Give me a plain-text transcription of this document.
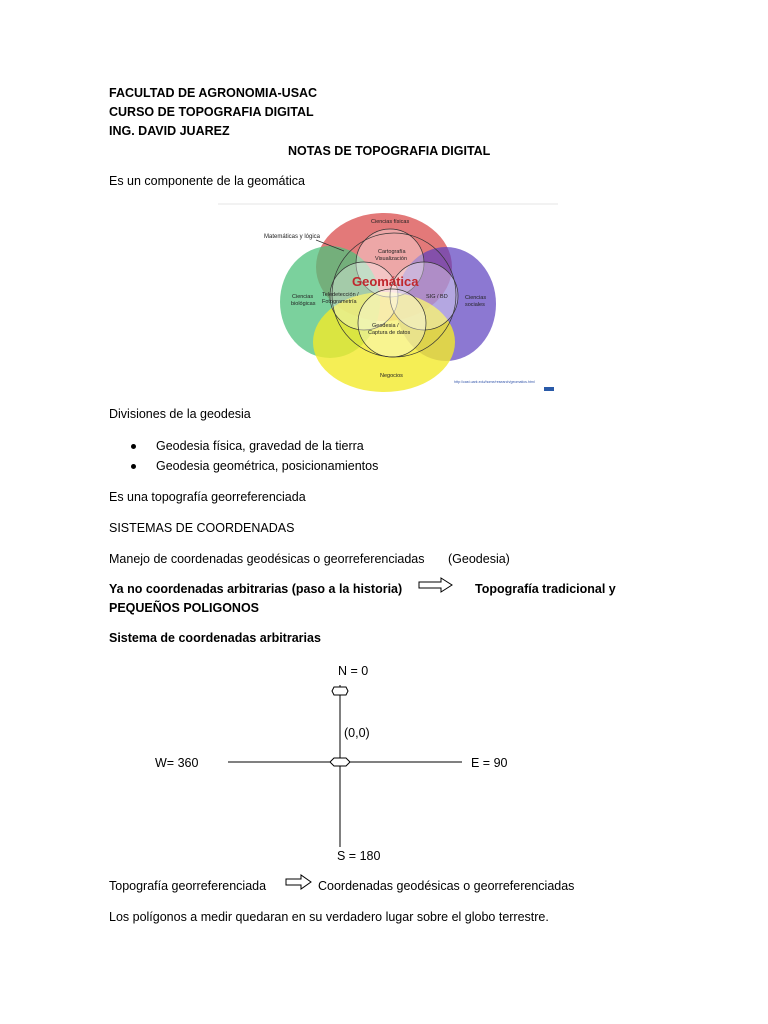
FACULTAD DE AGRONOMIA-USAC
CURSO DE TOPOGRAFIA DIGITAL
ING. DAVID JUAREZ
NOTAS DE TOPOGRAFIA DIGITAL
Es un componente de la geomática
Matemáticas y lógica
Ciencias físicas
Cartografía
Visualización
Geomática
Teledetección /
Fotogrametría
SIG / BD
Ciencias
biológicas
Ciencias
sociales
Geodesia /
Captura de datos
Negocios
http://cast.uark.edu/home/research/geomatics.html
Divisiones de la geodesia
Geodesia física, gravedad de la tierra
Geodesia geométrica, posicionamientos
Es una topografía georreferenciada
SISTEMAS DE COORDENADAS
Manejo de coordenadas geodésicas o georreferenciadas (Geodesia)
Ya no coordenadas arbitrarias (paso a la historia)	Topografía tradicional y
PEQUEÑOS POLIGONOS
Sistema de coordenadas arbitrarias
N = 0
(0,0)
W= 360	E = 90
S = 180
Topografía georreferenciada	Coordenadas geodésicas o georreferenciadas
Los polígonos a medir quedaran en su verdadero lugar sobre el globo terrestre.
